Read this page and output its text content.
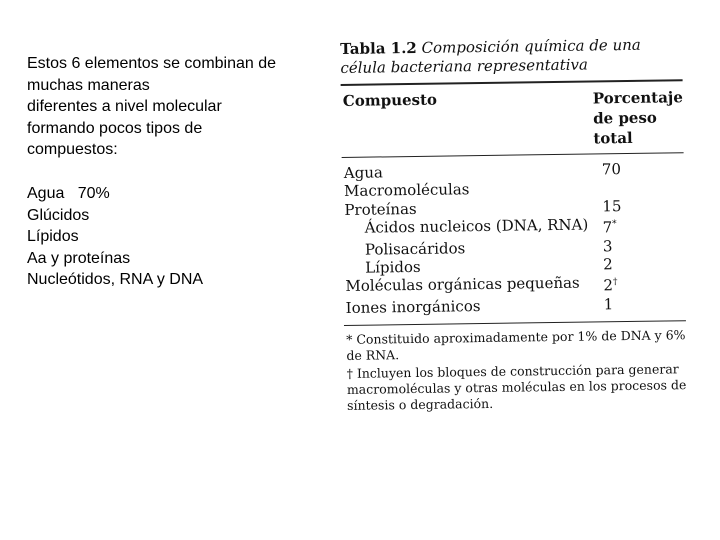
Estos 6 elementos se combinan de

muchas maneras

diferentes a nivel molecular

formando pocos tipos de

compuestos:

Agua   70%

Glúcidos

Lípidos

Aa y proteínas

Nucleótidos, RNA y DNA

Tabla 1.2 Composición química de una célula bacteriana representativa
Compuesto	Porcentaje
de peso
total
Agua	70
Macromoléculas
Proteínas	15
Ácidos nucleicos (DNA, RNA) 7*
Polisacáridos	3
Lípidos	2
Moléculas orgánicas pequeñas	2†
Iones inorgánicos	1

* Constituido aproximadamente por 1% de DNA y 6% de RNA.

† Incluyen los bloques de construcción para generar macromoléculas y otras moléculas en los procesos de síntesis o degradación.
